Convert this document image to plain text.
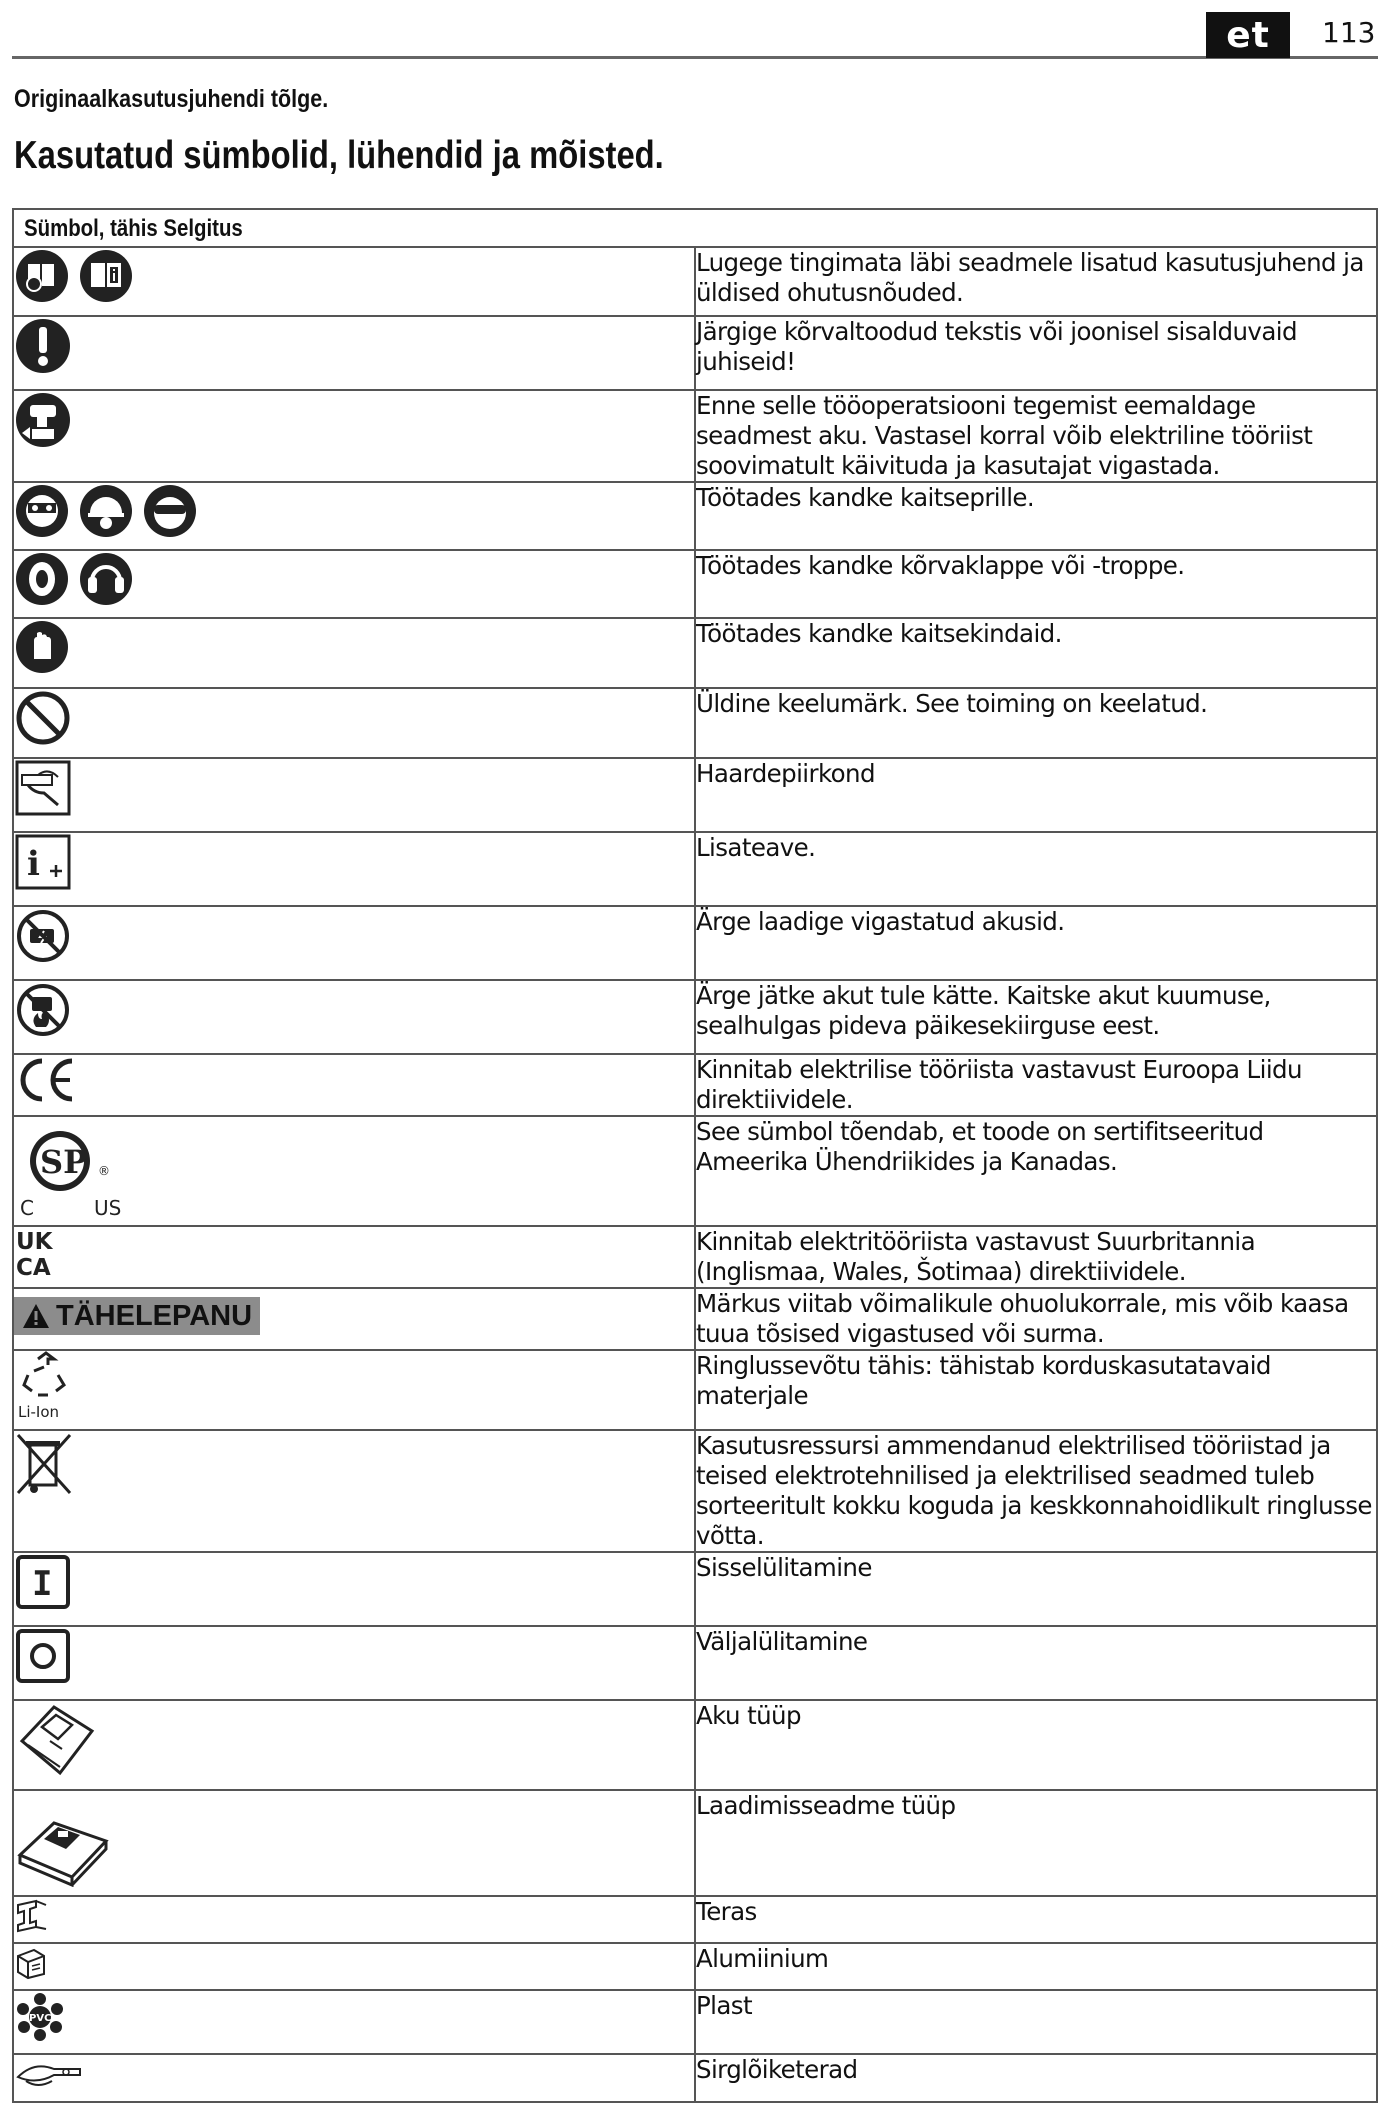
et	113
Originaalkasutusjuhendi tõlge.
Kasutatud sümbolid, lühendid ja mõisted.
Sümbol, tähis Selgitus	

	Lugege tingimata läbi seadmele lisatud kasutusjuhend ja üldised ohutusnõuded.

	Järgige kõrvaltoodud tekstis või joonisel sisalduvaid juhiseid!

	Enne selle tööoperatsiooni tegemist eemaldage seadmest aku. Vastasel korral võib elektriline tööriist soovimatult käivituda ja kasutajat vigastada.

	Töötades kandke kaitseprille.

	Töötades kandke kõrvaklappe või -troppe.

	Töötades kandke kaitsekindaid.

	Üldine keelumärk. See toiming on keelatud.

	Haardepiirkond

i	Lisateave.

	Ärge laadige vigastatud akusid.

	Ärge jätke akut tule kätte. Kaitske akut kuumuse, sealhulgas pideva päikesekiirguse eest.

CE	Kinnitab elektrilise tööriista vastavust Euroopa Liidu direktiividele.

SP ®
C US	See sümbol tõendab, et toode on sertifitseeritud Ameerika Ühendriikides ja Kanadas.

UK
CA	Kinnitab elektritööriista vastavust Suurbritannia (Inglismaa, Wales, Šotimaa) direktiividele.

TÄHELEPANU	Märkus viitab võimalikule ohuolukorrale, mis võib kaasa tuua tõsised vigastused või surma.

Li-Ion	Ringlussevõtu tähis: tähistab korduskasutatavaid materjale

	Kasutusressursi ammendanud elektrilised tööriistad ja teised elektrotehnilised ja elektrilised seadmed tuleb sorteeritult kokku koguda ja keskkonnahoidlikult ringlusse võtta.

I	Sisselülitamine

	Väljalülitamine

	Aku tüüp

	Laadimisseadme tüüp

	Teras

	Alumiinium

PVC	Plast

	Sirglõiketerad
